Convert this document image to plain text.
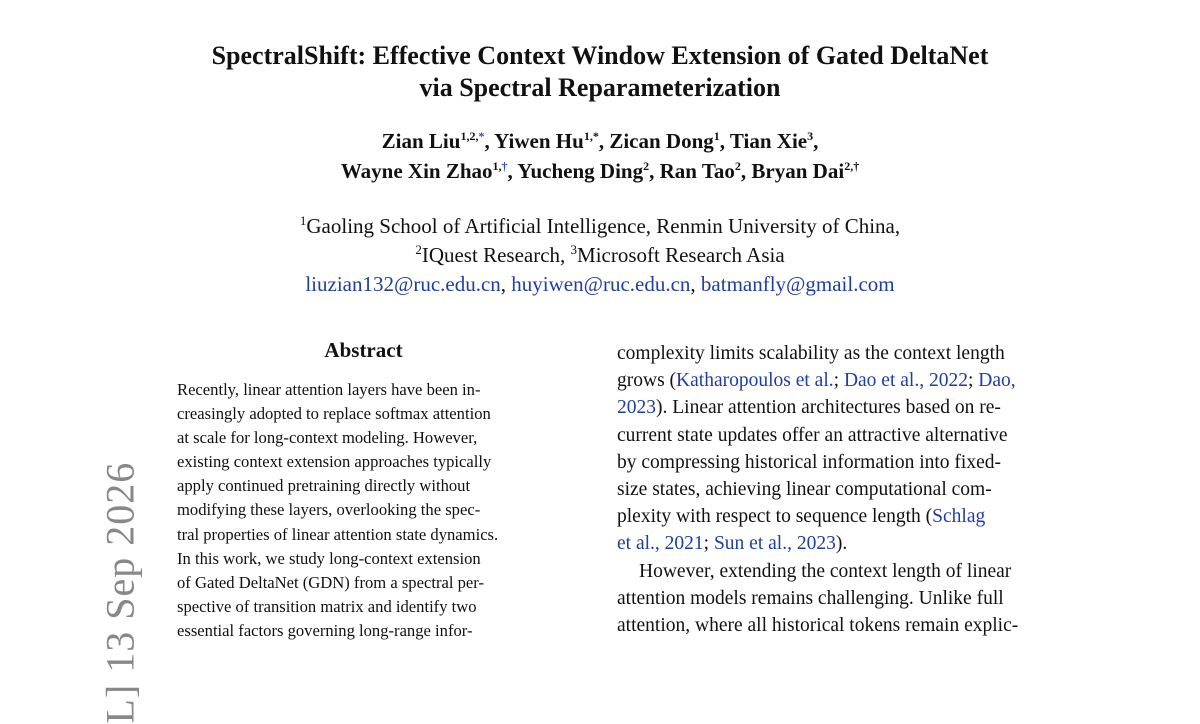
SpectralShift: Effective Context Window Extension of Gated DeltaNet
via Spectral Reparameterization
Zian Liu$^{1,2,*}$, Yiwen $Hu^{1,*}$, Zican Dong$^1$, Tian Xie$^3$,
Wayne Xin Zhao$^{1,\dagger}$, Yucheng Ding$^2$, Ran Tao$^2$, Bryan Dai$^{2,\dagger}$
$^1$Gaoling School of Artificial Intelligence, Renmin University of China,
$^2$IQuest Research, $^3$Microsoft Research Asia
liuzian132@ruc.edu.cn, huyiwen@ruc.edu.cn, batmanfly@gmail.com
L] 13 Sep 2026
Abstract
Recently, linear attention layers have been in-
creasingly adopted to replace softmax attention
at scale for long-context modeling. However,
existing context extension approaches typically
apply continued pretraining directly without
modifying these layers, overlooking the spec-
tral properties of linear attention state dynamics.
In this work, we study long-context extension
of Gated DeltaNet (GDN) from a spectral per-
spective of transition matrix and identify two
essential factors governing long-range infor-
complexity limits scalability as the context length
grows (Katharopoulos et al.; Dao et al., 2022; Dao,
2023). Linear attention architectures based on re-
current state updates offer an attractive alternative
by compressing historical information into fixed-
size states, achieving linear computational com-
plexity with respect to sequence length (Schlag
et al., 2021; Sun et al., 2023).
However, extending the context length of linear
attention models remains challenging. Unlike full
attention, where all historical tokens remain explic-
